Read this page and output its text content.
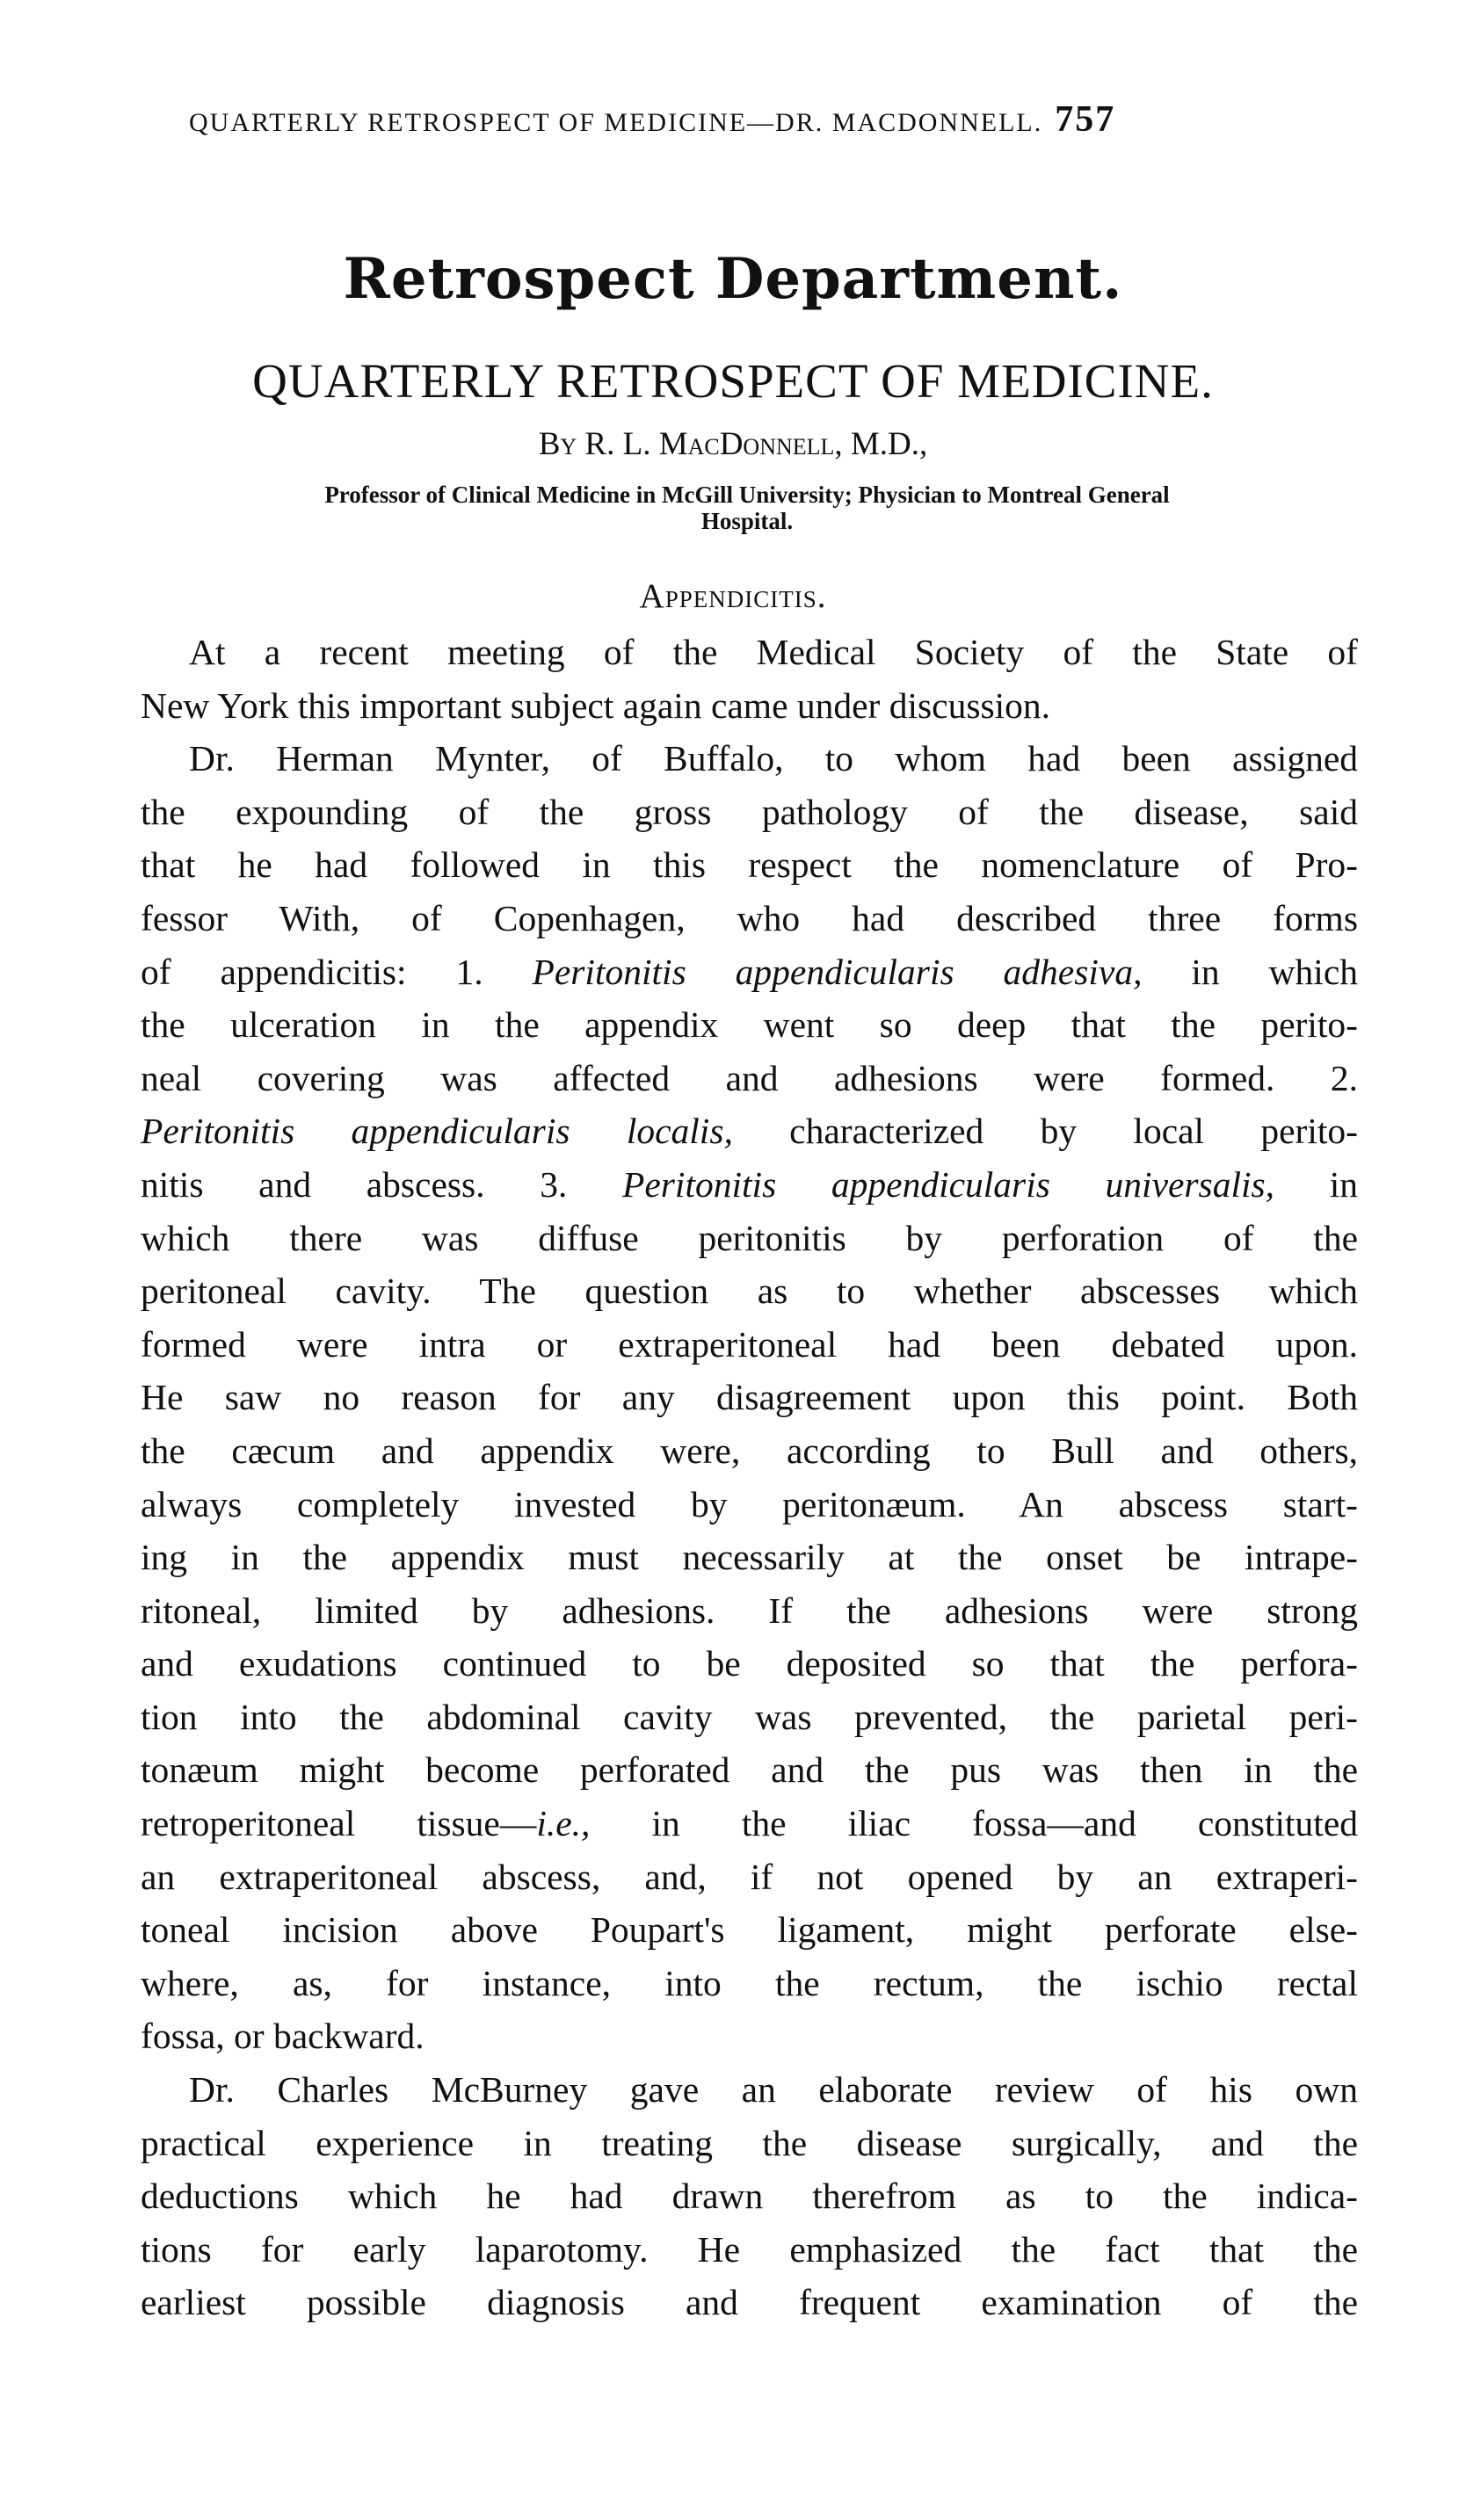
QUARTERLY RETROSPECT OF MEDICINE—DR. MACDONNELL. 757
Retrospect Department.
QUARTERLY RETROSPECT OF MEDICINE.
By R. L. MacDonnell, M.D.,
Professor of Clinical Medicine in McGill University; Physician to Montreal General
Hospital.
Appendicitis.
At a recent meeting of the Medical Society of the State of
New York this important subject again came under discussion.
Dr. Herman Mynter, of Buffalo, to whom had been assigned
the expounding of the gross pathology of the disease, said
that he had followed in this respect the nomenclature of Pro-
fessor With, of Copenhagen, who had described three forms
of appendicitis: 1. Peritonitis appendicularis adhesiva, in which
the ulceration in the appendix went so deep that the perito-
neal covering was affected and adhesions were formed. 2.
Peritonitis appendicularis localis, characterized by local perito-
nitis and abscess. 3. Peritonitis appendicularis universalis, in
which there was diffuse peritonitis by perforation of the
peritoneal cavity. The question as to whether abscesses which
formed were intra or extraperitoneal had been debated upon.
He saw no reason for any disagreement upon this point. Both
the cæcum and appendix were, according to Bull and others,
always completely invested by peritonæum. An abscess start-
ing in the appendix must necessarily at the onset be intrape-
ritoneal, limited by adhesions. If the adhesions were strong
and exudations continued to be deposited so that the perfora-
tion into the abdominal cavity was prevented, the parietal peri-
tonæum might become perforated and the pus was then in the
retroperitoneal tissue—i.e., in the iliac fossa—and constituted
an extraperitoneal abscess, and, if not opened by an extraperi-
toneal incision above Poupart's ligament, might perforate else-
where, as, for instance, into the rectum, the ischio rectal
fossa, or backward.
Dr. Charles McBurney gave an elaborate review of his own
practical experience in treating the disease surgically, and the
deductions which he had drawn therefrom as to the indica-
tions for early laparotomy. He emphasized the fact that the
earliest possible diagnosis and frequent examination of the
